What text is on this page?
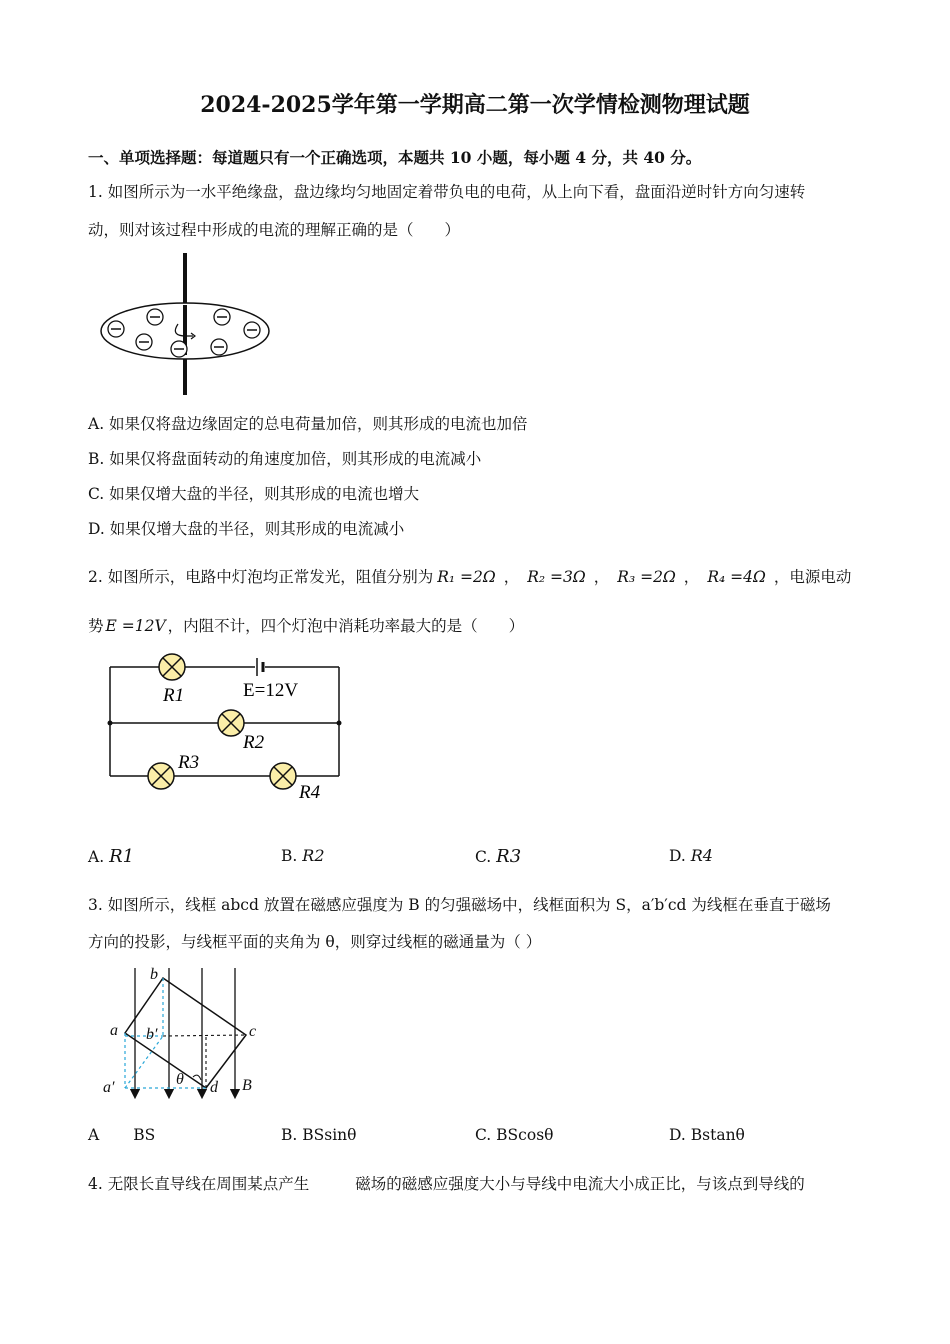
2024-2025学年第一学期高二第一次学情检测物理试题
一、单项选择题：每道题只有一个正确选项，本题共 10 小题，每小题 4 分，共 40 分。
1. 如图所示为一水平绝缘盘，盘边缘均匀地固定着带负电的电荷，从上向下看，盘面沿逆时针方向匀速转
动，则对该过程中形成的电流的理解正确的是（　　）
A. 如果仅将盘边缘固定的总电荷量加倍，则其形成的电流也加倍
B. 如果仅将盘面转动的角速度加倍，则其形成的电流减小
C. 如果仅增大盘的半径，则其形成的电流也增大
D. 如果仅增大盘的半径，则其形成的电流减小
2. 如图所示，电路中灯泡均正常发光，阻值分别为 R₁ =2Ω ， R₂ =3Ω ， R₃ =2Ω ， R₄ =4Ω ，电源电动
势 E =12V ，内阻不计，四个灯泡中消耗功率最大的是（　　）
R1	E=12V
R2
R3
R4
A. R1	B. R2	C. R3	D. R4
3. 如图所示，线框 abcd 放置在磁感应强度为 B 的匀强磁场中，线框面积为 S，a′b′cd 为线框在垂直于磁场
方向的投影，与线框平面的夹角为 θ，则穿过线框的磁通量为（ ）
a
b
c
d
a′
b′
θ	B
A BS	B. BSsinθ	C. BScosθ	D. Bstanθ
4. 无限长直导线在周围某点产生	磁场的磁感应强度大小与导线中电流大小成正比，与该点到导线的
